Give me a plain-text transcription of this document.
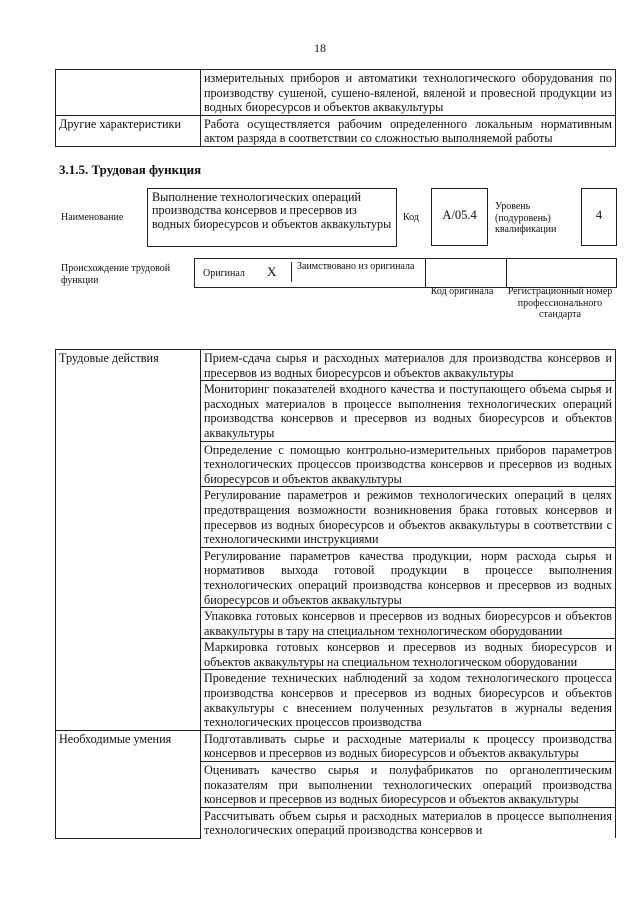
18
	измерительных приборов и автоматики технологического оборудования по производству сушеной, сушено-вяленой, вяленой и провесной продукции из водных биоресурсов и объектов аквакультуры
Другие характеристики	Работа осуществляется рабочим определенного локальным нормативным актом разряда в соответствии со сложностью выполняемой работы
3.1.5. Трудовая функция
Наименование
Выполнение технологических операций производства консервов и пресервов из водных биоресурсов и объектов аквакультуры	Код	А/05.4
Уровень (подуровень) квалификации
4
Происхождение трудовой функции
Оригинал X Заимствовано из оригинала
Код оригинала	Регистрационный номер профессионального стандарта
Трудовые действия	Прием-сдача сырья и расходных материалов для производства консервов и пресервов из водных биоресурсов и объектов аквакультуры
	Мониторинг показателей входного качества и поступающего объема сырья и расходных материалов в процессе выполнения технологических операций производства консервов и пресервов из водных биоресурсов и объектов аквакультуры
	Определение с помощью контрольно-измерительных приборов параметров технологических процессов производства консервов и пресервов из водных биоресурсов и объектов аквакультуры
	Регулирование параметров и режимов технологических операций в целях предотвращения возможности возникновения брака готовых консервов и пресервов из водных биоресурсов и объектов аквакультуры в соответствии с технологическими инструкциями
	Регулирование параметров качества продукции, норм расхода сырья и нормативов выхода готовой продукции в процессе выполнения технологических операций производства консервов и пресервов из водных биоресурсов и объектов аквакультуры
	Упаковка готовых консервов и пресервов из водных биоресурсов и объектов аквакультуры в тару на специальном технологическом оборудовании
	Маркировка готовых консервов и пресервов из водных биоресурсов и объектов аквакультуры на специальном технологическом оборудовании
	Проведение технических наблюдений за ходом технологического процесса производства консервов и пресервов из водных биоресурсов и объектов аквакультуры с внесением полученных результатов в журналы ведения технологических процессов производства
Необходимые умения	Подготавливать сырье и расходные материалы к процессу производства консервов и пресервов из водных биоресурсов и объектов аквакультуры
	Оценивать качество сырья и полуфабрикатов по органолептическим показателям при выполнении технологических операций производства консервов и пресервов из водных биоресурсов и объектов аквакультуры
	Рассчитывать объем сырья и расходных материалов в процессе выполнения технологических операций производства консервов и
